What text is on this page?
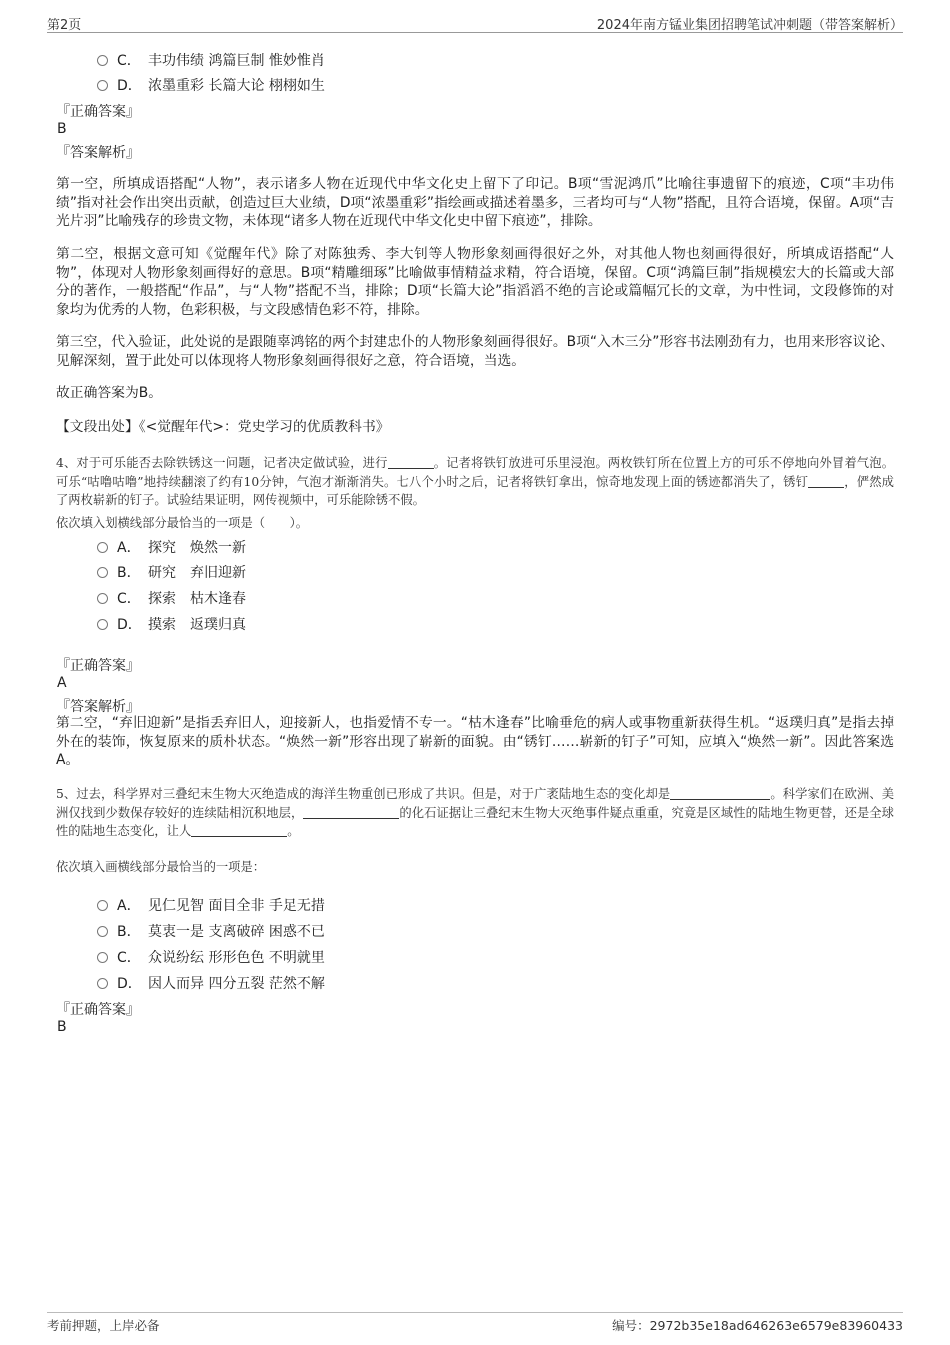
第2页	2024年南方锰业集团招聘笔试冲刺题（带答案解析）
C． 丰功伟绩 鸿篇巨制 惟妙惟肖
D． 浓墨重彩 长篇大论 栩栩如生
『正确答案』
B
『答案解析』
第一空，所填成语搭配“人物”，表示诸多人物在近现代中华文化史上留下了印记。B项“雪泥鸿爪”比喻往事遗留下的痕迹，C项“丰功伟绩”指对社会作出突出贡献，创造过巨大业绩，D项“浓墨重彩”指绘画或描述着墨多，三者均可与“人物”搭配，且符合语境，保留。A项“吉光片羽”比喻残存的珍贵文物，未体现“诸多人物在近现代中华文化史中留下痕迹”，排除。
第二空，根据文意可知《觉醒年代》除了对陈独秀、李大钊等人物形象刻画得很好之外，对其他人物也刻画得很好，所填成语搭配“人物”，体现对人物形象刻画得好的意思。B项“精雕细琢”比喻做事情精益求精，符合语境，保留。C项“鸿篇巨制”指规模宏大的长篇或大部分的著作，一般搭配“作品”，与“人物”搭配不当，排除；D项“长篇大论”指滔滔不绝的言论或篇幅冗长的文章，为中性词，文段修饰的对象均为优秀的人物，色彩积极，与文段感情色彩不符，排除。
第三空，代入验证，此处说的是跟随辜鸿铭的两个封建忠仆的人物形象刻画得很好。B项“入木三分”形容书法刚劲有力，也用来形容议论、见解深刻，置于此处可以体现将人物形象刻画得很好之意，符合语境，当选。
故正确答案为B。
【文段出处】《<觉醒年代>：党史学习的优质教科书》
4、对于可乐能否去除铁锈这一问题，记者决定做试验，进行	。记者将铁钉放进可乐里浸泡。两枚铁钉所在位置上方的可乐不停地向外冒着气泡。可乐“咕噜咕噜”地持续翻滚了约有10分钟，气泡才渐渐消失。七八个小时之后，记者将铁钉拿出，惊奇地发现上面的锈迹都消失了，锈钉	，俨然成了两枚崭新的钉子。试验结果证明，网传视频中，可乐能除锈不假。
依次填入划横线部分最恰当的一项是（　　）。
A． 探究　焕然一新
B． 研究　弃旧迎新
C． 探索　枯木逢春
D． 摸索　返璞归真
『正确答案』
A
『答案解析』
第二空，“弃旧迎新”是指丢弃旧人，迎接新人，也指爱情不专一。“枯木逢春”比喻垂危的病人或事物重新获得生机。“返璞归真”是指去掉外在的装饰，恢复原来的质朴状态。“焕然一新”形容出现了崭新的面貌。由“锈钉……崭新的钉子”可知，应填入“焕然一新”。因此答案选A。
5、过去，科学界对三叠纪末生物大灭绝造成的海洋生物重创已形成了共识。但是，对于广袤陆地生态的变化却是	。科学家们在欧洲、美洲仅找到少数保存较好的连续陆相沉积地层，	的化石证据让三叠纪末生物大灭绝事件疑点重重，究竟是区域性的陆地生物更替，还是全球性的陆地生态变化，让人	。
依次填入画横线部分最恰当的一项是：
A． 见仁见智 面目全非 手足无措
B． 莫衷一是 支离破碎 困惑不已
C． 众说纷纭 形形色色 不明就里
D． 因人而异 四分五裂 茫然不解
『正确答案』
B
考前押题，上岸必备	编号：2972b35e18ad646263e6579e83960433
